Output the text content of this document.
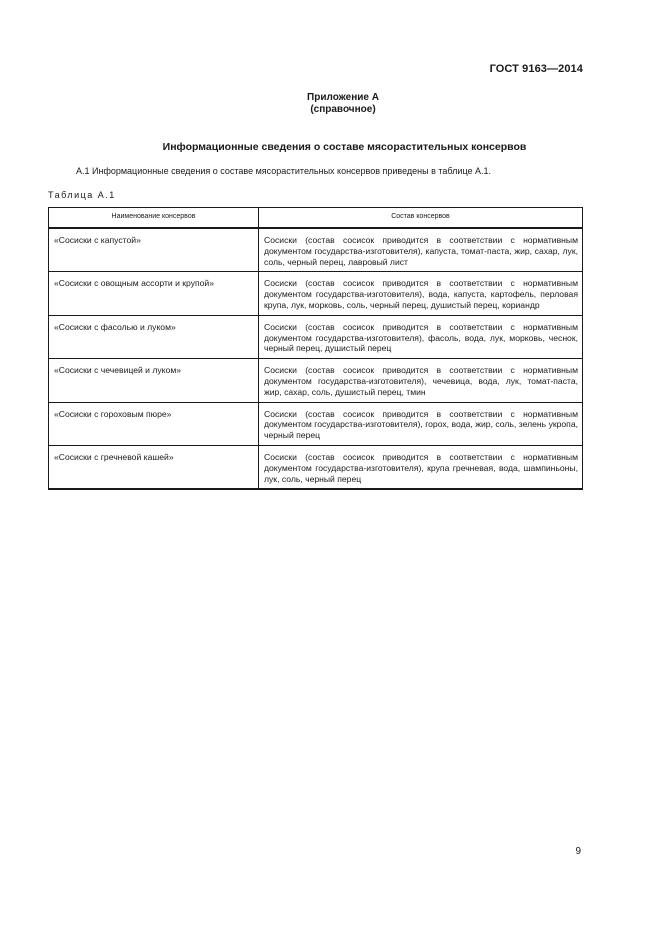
ГОСТ 9163—2014
Приложение А
(справочное)
Информационные сведения о составе мясорастительных консервов
А.1 Информационные сведения о составе мясорастительных консервов приведены в таблице А.1.
Таблица А.1
Наименование консервов	Состав консервов
«Сосиски с капустой»	Сосиски (состав сосисок приводится в соответствии с нормативным документом государства-изготовителя), капуста, томат-паста, жир, сахар, лук, соль, черный перец, лавровый лист
«Сосиски с овощным ассорти и крупой»	Сосиски (состав сосисок приводится в соответствии с нормативным документом государства-изготовителя), вода, капуста, картофель, перловая крупа, лук, морковь, соль, черный перец, душистый перец, кориандр
«Сосиски с фасолью и луком»	Сосиски (состав сосисок приводится в соответствии с нормативным документом государства-изготовителя), фасоль, вода, лук, морковь, чеснок, черный перец, душистый перец
«Сосиски с чечевицей и луком»	Сосиски (состав сосисок приводится в соответствии с нормативным документом государства-изготовителя), чечевица, вода, лук, томат-паста, жир, сахар, соль, душистый перец, тмин
«Сосиски с гороховым пюре»	Сосиски (состав сосисок приводится в соответствии с нормативным документом государства-изготовителя), горох, вода, жир, соль, зелень укропа, черный перец
«Сосиски с гречневой кашей»	Сосиски (состав сосисок приводится в соответствии с нормативным документом государства-изготовителя), крупа гречневая, вода, шампиньоны, лук, соль, черный перец
9
